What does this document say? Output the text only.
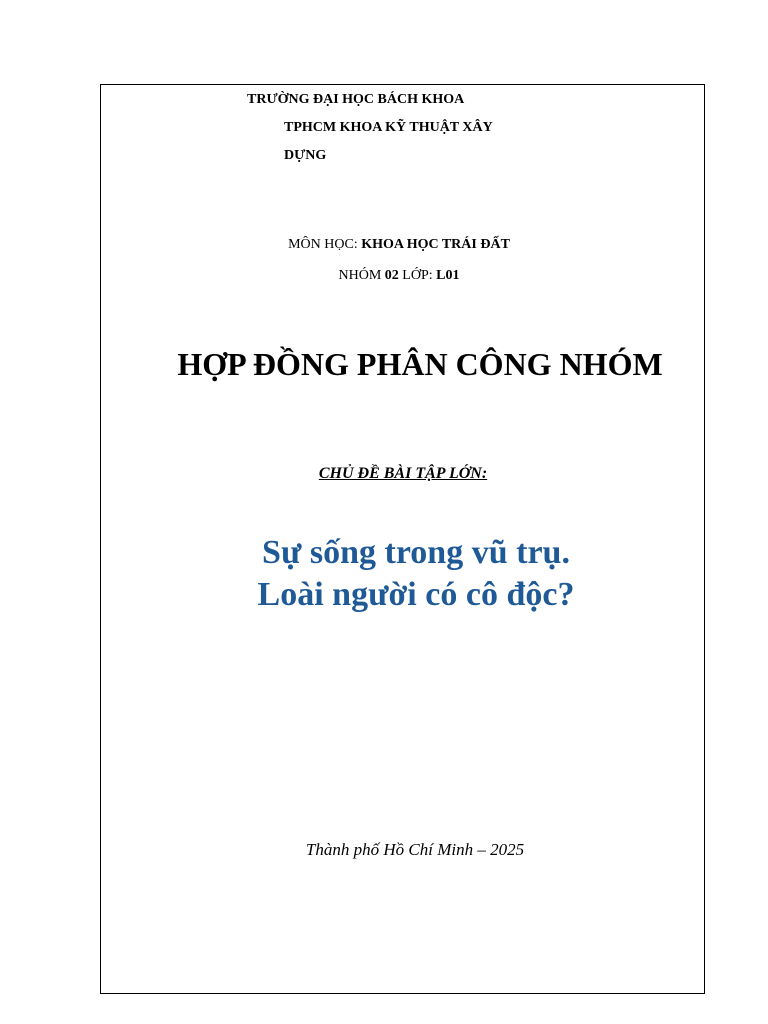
TRƯỜNG ĐẠI HỌC BÁCH KHOA
TPHCM KHOA KỸ THUẬT XÂY
DỰNG
MÔN HỌC: KHOA HỌC TRÁI ĐẤT
NHÓM 02 LỚP: L01
HỢP ĐỒNG PHÂN CÔNG NHÓM
CHỦ ĐỀ BÀI TẬP LỚN:
Sự sống trong vũ trụ.
Loài người có cô độc?
Thành phố Hồ Chí Minh – 2025
